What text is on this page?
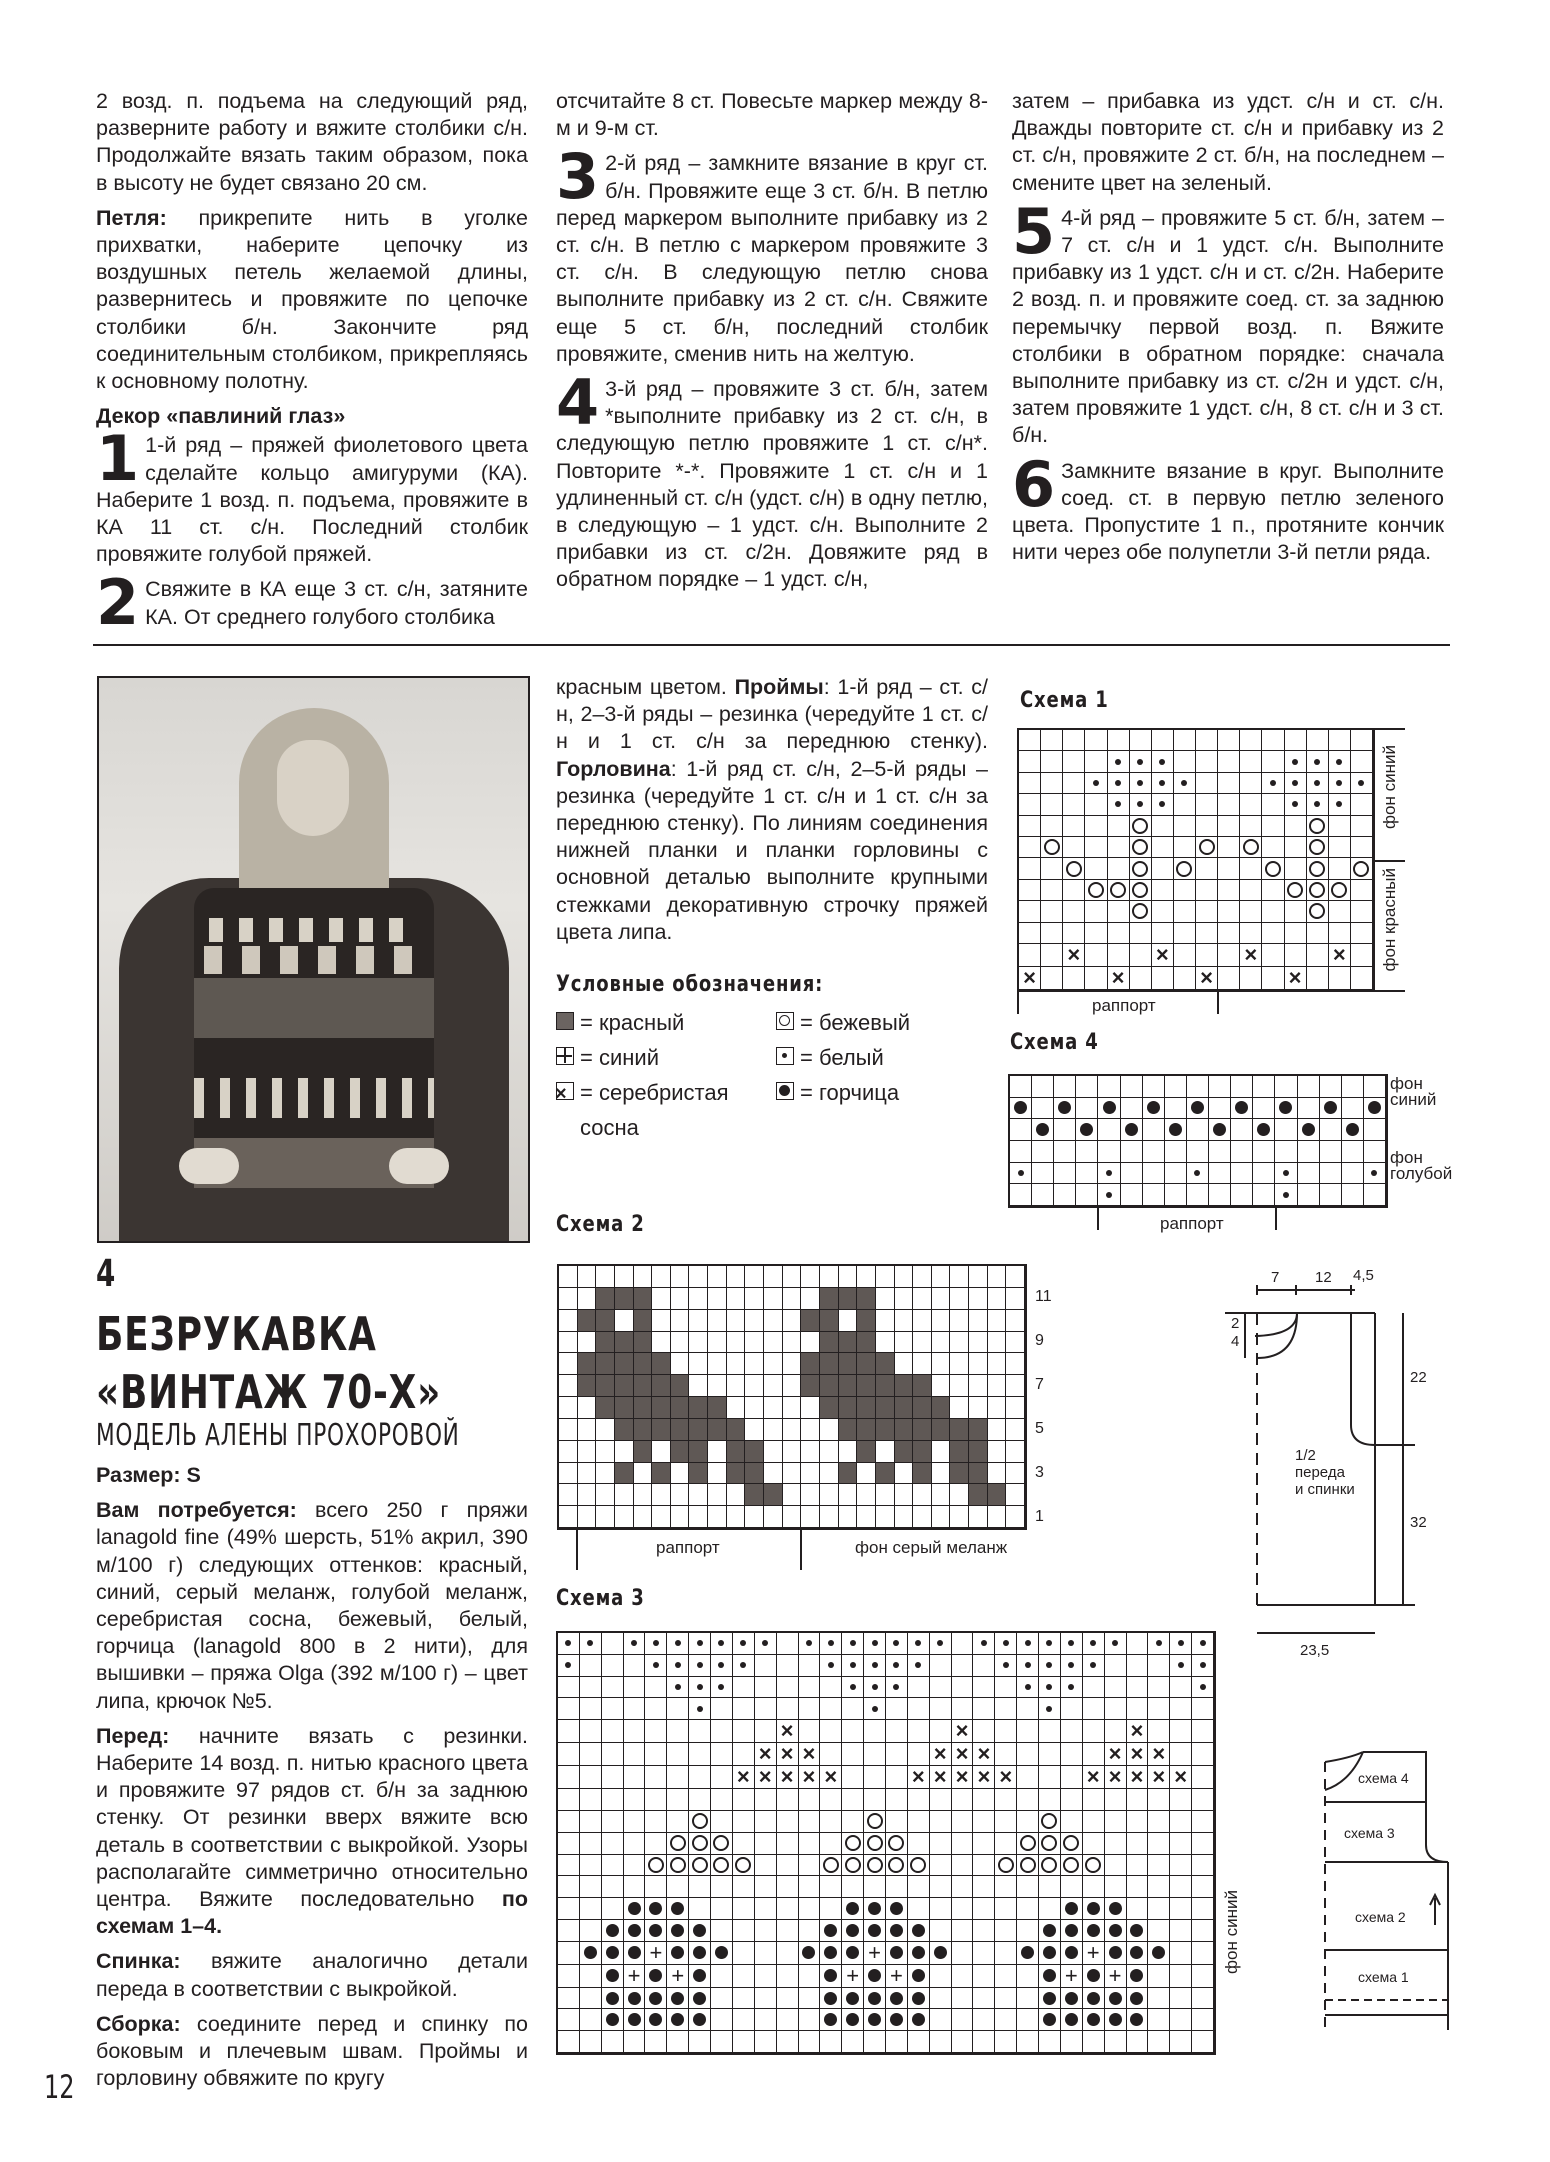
2 возд. п. подъема на следующий ряд, разверните работу и вяжите столбики с/н. Продолжайте вязать таким образом, пока в высоту не будет связано 20 см.

Петля: прикрепите нить в уголке прихватки, наберите цепочку из воздушных петель желаемой длины, развернитесь и провяжите по цепочке столбики б/н. Закончите ряд соединительным столбиком, прикрепляясь к основному полотну.

Декор «павлиний глаз»

1 1-й ряд – пряжей фиолетового цвета сделайте кольцо амигуруми (КА). Наберите 1 возд. п. подъема, провяжите в КА 11 ст. с/н. Последний столбик провяжите голубой пряжей.

2 Свяжите в КА еще 3 ст. с/н, затяните КА. От среднего голубого столбика

отсчитайте 8 ст. Повесьте маркер между 8-м и 9-м ст.

3 2-й ряд – замкните вязание в круг ст. б/н. Провяжите еще 3 ст. б/н. В петлю перед маркером выполните прибавку из 2 ст. с/н. В петлю с маркером провяжите 3 ст. с/н. В следующую петлю снова выполните прибавку из 2 ст. с/н. Свяжите еще 5 ст. б/н, последний столбик провяжите, сменив нить на желтую.

4 3-й ряд – провяжите 3 ст. б/н, затем *выполните прибавку из 2 ст. с/н, в следующую петлю провяжите 1 ст. с/н*. Повторите *-*. Провяжите 1 ст. с/н и 1 удлиненный ст. с/н (удст. с/н) в одну петлю, в следующую – 1 удст. с/н. Выполните 2 прибавки из ст. с/2н. Довяжите ряд в обратном порядке – 1 удст. с/н,

затем – прибавка из удст. с/н и ст. с/н. Дважды повторите ст. с/н и прибавку из 2 ст. с/н, провяжите 2 ст. б/н, на последнем – смените цвет на зеленый.

5 4-й ряд – провяжите 5 ст. б/н, затем – 7 ст. с/н и 1 удст. с/н. Выполните прибавку из 1 удст. с/н и ст. с/2н. Наберите 2 возд. п. и провяжите соед. ст. за заднюю перемычку первой возд. п. Вяжите столбики в обратном порядке: сначала выполните прибавку из ст. с/2н и удст. с/н, затем провяжите 1 удст. с/н, 8 ст. с/н и 3 ст. б/н.

6 Замкните вязание в круг. Выполните соед. ст. в первую петлю зеленого цвета. Пропустите 1 п., протяните кончик нити через обе полупетли 3-й петли ряда.

4
БЕЗРУКАВКА
«ВИНТАЖ 70-Х»
МОДЕЛЬ АЛЕНЫ ПРОХОРОВОЙ

Размер: S

Вам потребуется: всего 250 г пряжи lanagold fine (49% шерсть, 51% акрил, 390 м/100 г) следующих оттенков: красный, синий, серый меланж, голубой меланж, серебристая сосна, бежевый, белый, горчица (lanagold 800 в 2 нити), для вышивки – пряжа Olga (392 м/100 г) – цвет липа, крючок №5.

Перед: начните вязать с резинки. Наберите 14 возд. п. нитью красного цвета и провяжите 97 рядов ст. б/н за заднюю стенку. От резинки вверх вяжите всю деталь в соответствии с выкройкой. Узоры располагайте симметрично относительно центра. Вяжите последовательно по схемам 1–4.

Спинка: вяжите аналогично детали переда в соответствии с выкройкой.

Сборка: соедините перед и спинку по боковым и плечевым швам. Проймы и горловину обвяжите по кругу

красным цветом. Проймы: 1-й ряд – ст. с/н, 2–3-й ряды – резинка (чередуйте 1 ст. с/н и 1 ст. с/н за переднюю стенку). Горловина: 1-й ряд ст. с/н, 2–5-й ряды – резинка (чередуйте 1 ст. с/н и 1 ст. с/н за переднюю стенку). По линиям соединения нижней планки и планки горловины с основной деталью выполните крупными стежками декоративную строчку пряжей цвета липа.

Условные обозначения:
= красный	= бежевый
= синий	= белый
× = серебристая сосна
= горчица
Схема 1
×
×
×
×
×
×
×
×
раппорт
фон синий
фон красный
Схема 4
раппорт
фон синий
фон голубой
Схема 2
11
9
7
5
3
1
раппорт	фон серый меланж
Схема 3
×
×
×
×
×
×
×
×
×
×
×
×
×
×
×
×
×
×
×
×
×
×
×
×
×
×
×
+
+
+
+
+
+
+
+
+
фон синий
7 12 4,5
2
4
22
32
23,5
1/2
переда
и спинки
схема 4
схема 3
схема 2
схема 1
12
